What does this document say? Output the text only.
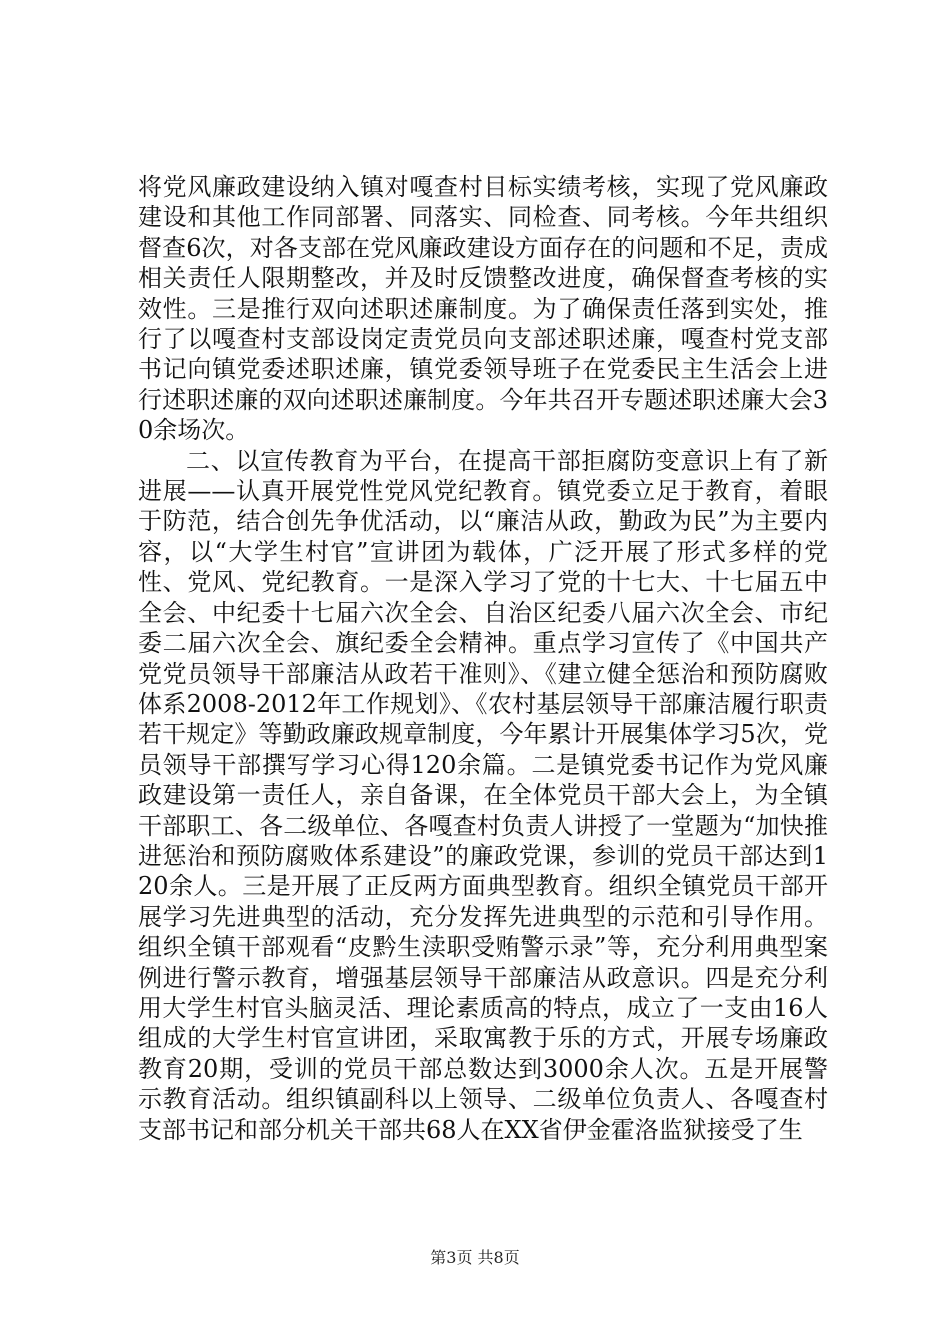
将党风廉政建设纳入镇对嘎查村目标实绩考核，实现了党风廉政建设和其他工作同部署、同落实、同检查、同考核。今年共组织督查6次，对各支部在党风廉政建设方面存在的问题和不足，责成相关责任人限期整改，并及时反馈整改进度，确保督查考核的实效性。三是推行双向述职述廉制度。为了确保责任落到实处，推行了以嘎查村支部设岗定责党员向支部述职述廉，嘎查村党支部书记向镇党委述职述廉，镇党委领导班子在党委民主生活会上进行述职述廉的双向述职述廉制度。今年共召开专题述职述廉大会30余场次。

二、以宣传教育为平台，在提高干部拒腐防变意识上有了新进展——认真开展党性党风党纪教育。镇党委立足于教育，着眼于防范，结合创先争优活动，以“廉洁从政，勤政为民”为主要内容，以“大学生村官”宣讲团为载体，广泛开展了形式多样的党性、党风、党纪教育。一是深入学习了党的十七大、十七届五中全会、中纪委十七届六次全会、自治区纪委八届六次全会、市纪委二届六次全会、旗纪委全会精神。重点学习宣传了《中国共产党党员领导干部廉洁从政若干准则》、《建立健全惩治和预防腐败体系2008-2012年工作规划》、《农村基层领导干部廉洁履行职责若干规定》等勤政廉政规章制度，今年累计开展集体学习5次，党员领导干部撰写学习心得120余篇。二是镇党委书记作为党风廉政建设第一责任人，亲自备课，在全体党员干部大会上，为全镇干部职工、各二级单位、各嘎查村负责人讲授了一堂题为“加快推进惩治和预防腐败体系建设”的廉政党课，参训的党员干部达到120余人。三是开展了正反两方面典型教育。组织全镇党员干部开展学习先进典型的活动，充分发挥先进典型的示范和引导作用。组织全镇干部观看“皮黔生渎职受贿警示录”等，充分利用典型案例进行警示教育，增强基层领导干部廉洁从政意识。四是充分利用大学生村官头脑灵活、理论素质高的特点，成立了一支由16人组成的大学生村官宣讲团，采取寓教于乐的方式，开展专场廉政教育20期，受训的党员干部总数达到3000余人次。五是开展警示教育活动。组织镇副科以上领导、二级单位负责人、各嘎查村支部书记和部分机关干部共68人在XX省伊金霍洛监狱接受了生

第3页 共8页
